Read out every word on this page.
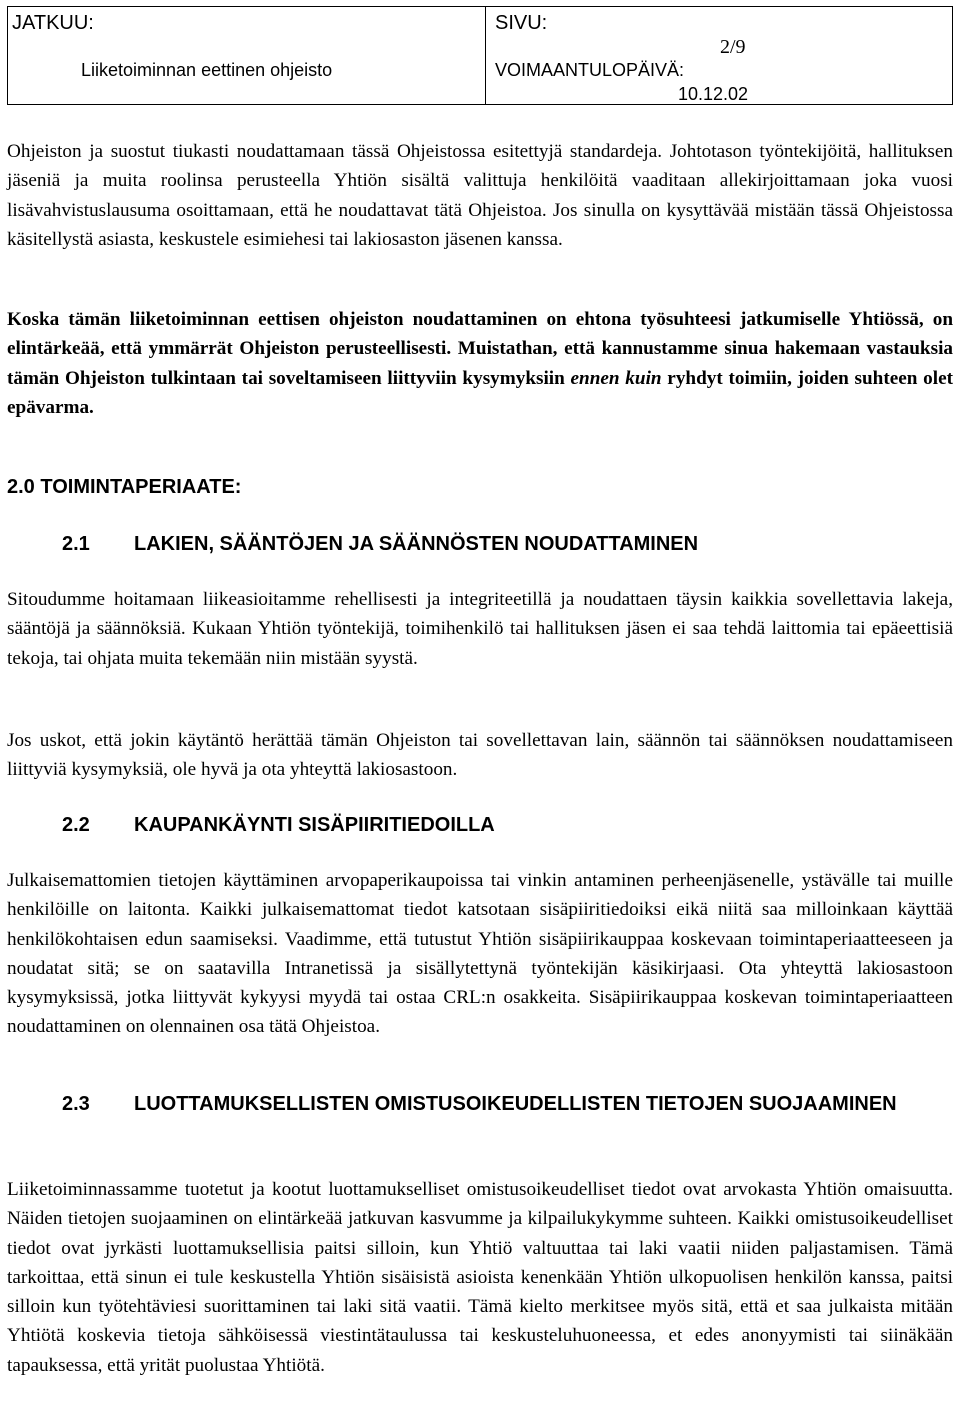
JATKUU:
Liiketoiminnan eettinen ohjeisto
SIVU:
2/9
VOIMAANTULOPÄIVÄ:
10.12.02

Ohjeiston ja suostut tiukasti noudattamaan tässä Ohjeistossa esitettyjä standardeja. Johtotason työntekijöitä, hallituksen jäseniä ja muita roolinsa perusteella Yhtiön sisältä valittuja henkilöitä vaaditaan allekirjoittamaan joka vuosi lisävahvistuslausuma osoittamaan, että he noudattavat tätä Ohjeistoa. Jos sinulla on kysyttävää mistään tässä Ohjeistossa käsitellystä asiasta, keskustele esimiehesi tai lakiosaston jäsenen kanssa.

Koska tämän liiketoiminnan eettisen ohjeiston noudattaminen on ehtona työsuhteesi jatkumiselle Yhtiössä, on elintärkeää, että ymmärrät Ohjeiston perusteellisesti. Muistathan, että kannustamme sinua hakemaan vastauksia tämän Ohjeiston tulkintaan tai soveltamiseen liittyviin kysymyksiin ennen kuin ryhdyt toimiin, joiden suhteen olet epävarma.

2.0 TOIMINTAPERIAATE:
2.1 LAKIEN, SÄÄNTÖJEN JA SÄÄNNÖSTEN NOUDATTAMINEN

Sitoudumme hoitamaan liikeasioitamme rehellisesti ja integriteetillä ja noudattaen täysin kaikkia sovellettavia lakeja, sääntöjä ja säännöksiä. Kukaan Yhtiön työntekijä, toimihenkilö tai hallituksen jäsen ei saa tehdä laittomia tai epäeettisiä tekoja, tai ohjata muita tekemään niin mistään syystä.

Jos uskot, että jokin käytäntö herättää tämän Ohjeiston tai sovellettavan lain, säännön tai säännöksen noudattamiseen liittyviä kysymyksiä, ole hyvä ja ota yhteyttä lakiosastoon.

2.2 KAUPANKÄYNTI SISÄPIIRITIEDOILLA

Julkaisemattomien tietojen käyttäminen arvopaperikaupoissa tai vinkin antaminen perheenjäsenelle, ystävälle tai muille henkilöille on laitonta. Kaikki julkaisemattomat tiedot katsotaan sisäpiiritiedoiksi eikä niitä saa milloinkaan käyttää henkilökohtaisen edun saamiseksi. Vaadimme, että tutustut Yhtiön sisäpiirikauppaa koskevaan toimintaperiaatteeseen ja noudatat sitä; se on saatavilla Intranetissä ja sisällytettynä työntekijän käsikirjaasi. Ota yhteyttä lakiosastoon kysymyksissä, jotka liittyvät kykyysi myydä tai ostaa CRL:n osakkeita. Sisäpiirikauppaa koskevan toimintaperiaatteen noudattaminen on olennainen osa tätä Ohjeistoa.

2.3 LUOTTAMUKSELLISTEN OMISTUSOIKEUDELLISTEN TIETOJEN SUOJAAMINEN

Liiketoiminnassamme tuotetut ja kootut luottamukselliset omistusoikeudelliset tiedot ovat arvokasta Yhtiön omaisuutta. Näiden tietojen suojaaminen on elintärkeää jatkuvan kasvumme ja kilpailukykymme suhteen. Kaikki omistusoikeudelliset tiedot ovat jyrkästi luottamuksellisia paitsi silloin, kun Yhtiö valtuuttaa tai laki vaatii niiden paljastamisen. Tämä tarkoittaa, että sinun ei tule keskustella Yhtiön sisäisistä asioista kenenkään Yhtiön ulkopuolisen henkilön kanssa, paitsi silloin kun työtehtäviesi suorittaminen tai laki sitä vaatii. Tämä kielto merkitsee myös sitä, että et saa julkaista mitään Yhtiötä koskevia tietoja sähköisessä viestintätaulussa tai keskusteluhuoneessa, et edes anonyymisti tai siinäkään tapauksessa, että yrität puolustaa Yhtiötä.
